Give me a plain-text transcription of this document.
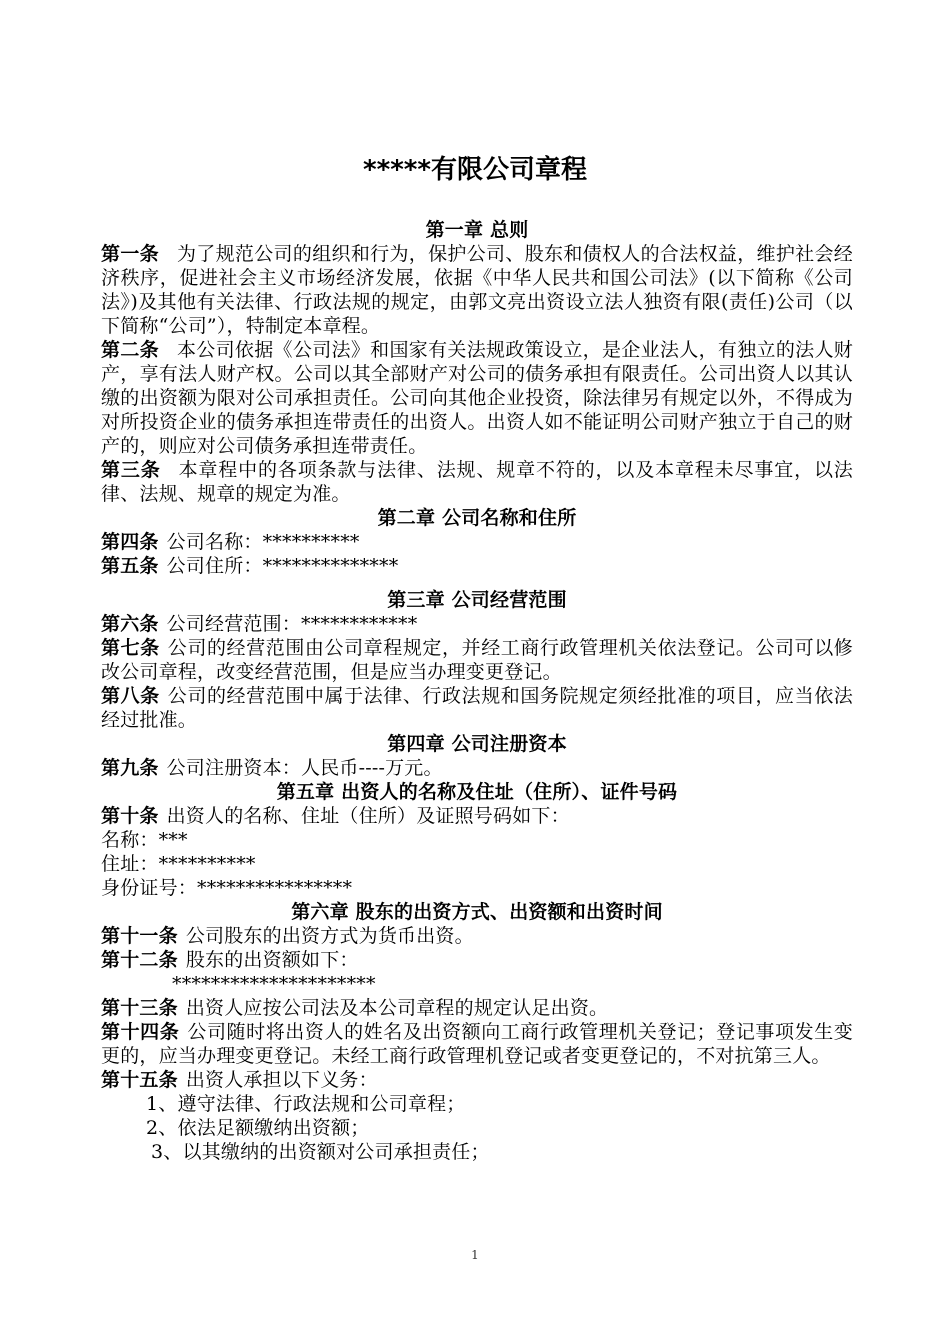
*****有限公司章程

第一章 总则

第一条 为了规范公司的组织和行为，保护公司、股东和债权人的合法权益，维护社会经济秩序，促进社会主义市场经济发展，依据《中华人民共和国公司法》(以下简称《公司法》)及其他有关法律、行政法规的规定，由郭文亮出资设立法人独资有限(责任)公司（以下简称“公司”），特制定本章程。

第二条 本公司依据《公司法》和国家有关法规政策设立，是企业法人，有独立的法人财产，享有法人财产权。公司以其全部财产对公司的债务承担有限责任。公司出资人以其认缴的出资额为限对公司承担责任。公司向其他企业投资，除法律另有规定以外，不得成为对所投资企业的债务承担连带责任的出资人。出资人如不能证明公司财产独立于自己的财产的，则应对公司债务承担连带责任。

第三条 本章程中的各项条款与法律、法规、规章不符的，以及本章程未尽事宜，以法律、法规、规章的规定为准。

第二章 公司名称和住所

第四条 公司名称：**********

第五条 公司住所：**************

第三章 公司经营范围

第六条 公司经营范围：************

第七条 公司的经营范围由公司章程规定，并经工商行政管理机关依法登记。公司可以修改公司章程，改变经营范围，但是应当办理变更登记。

第八条 公司的经营范围中属于法律、行政法规和国务院规定须经批准的项目，应当依法经过批准。

第四章 公司注册资本

第九条 公司注册资本：人民币----万元。

第五章 出资人的名称及住址（住所）、证件号码

第十条 出资人的名称、住址（住所）及证照号码如下：

名称：***

住址：**********

身份证号：****************

第六章 股东的出资方式、出资额和出资时间

第十一条 公司股东的出资方式为货币出资。

第十二条 股东的出资额如下：

*********************

第十三条 出资人应按公司法及本公司章程的规定认足出资。

第十四条 公司随时将出资人的姓名及出资额向工商行政管理机关登记；登记事项发生变更的，应当办理变更登记。未经工商行政管理机登记或者变更登记的，不对抗第三人。

第十五条 出资人承担以下义务：

1、遵守法律、行政法规和公司章程；

2、依法足额缴纳出资额；

3、以其缴纳的出资额对公司承担责任；

1
